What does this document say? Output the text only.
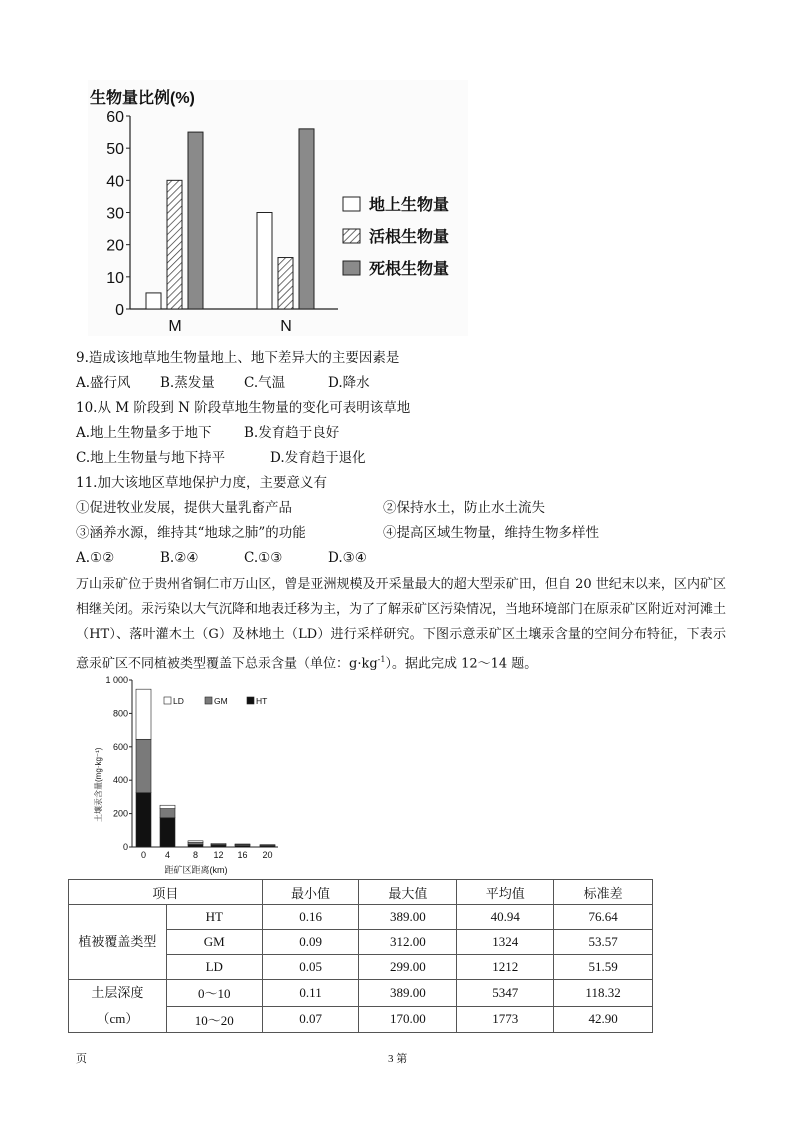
生物量比例(%)
60
50
40
30
20
10
0
M	N
地上生物量
活根生物量
死根生物量
9.造成该地草地生物量地上、地下差异大的主要因素是
A.盛行风 B.蒸发量 C.气温	D.降水
10.从 M 阶段到 N 阶段草地生物量的变化可表明该草地
A.地上生物量多于地下 B.发育趋于良好
C.地上生物量与地下持平	D.发育趋于退化
11.加大该地区草地保护力度，主要意义有
①促进牧业发展，提供大量乳畜产品	②保持水土，防止水土流失
③涵养水源，维持其“地球之肺”的功能	④提高区域生物量，维持生物多样性
A.①②	B.②④	C.①③	D.③④
万山汞矿位于贵州省铜仁市万山区，曾是亚洲规模及开采量最大的超大型汞矿田，但自 20 世纪末以来，区内矿区相继关闭。汞污染以大气沉降和地表迁移为主，为了了解汞矿区污染情况，当地环境部门在原汞矿区附近对河滩土（HT）、落叶灌木土（G）及林地土（LD）进行采样研究。下图示意汞矿区土壤汞含量的空间分布特征，下表示意汞矿区不同植被类型覆盖下总汞含量（单位：$g\cdot kg^{-1}$）。据此完成 12～14 题。
土壤汞含量(mg·kg⁻¹)
1 000
800
600
400
200
0
0 4	8 12 16 20
距矿区距离(km)
LD	GM	HT
项目		最小值	最大值	平均值	标准差
植被覆盖类型	HT	0.16	389.00	40.94	76.64
	GM	0.09	312.00	1324	53.57
	LD	0.05	299.00	1212	51.59
土层深度
（cm）	0～10	0.11	389.00	5347	118.32
	10～20	0.07	170.00	1773	42.90
页	3 第
